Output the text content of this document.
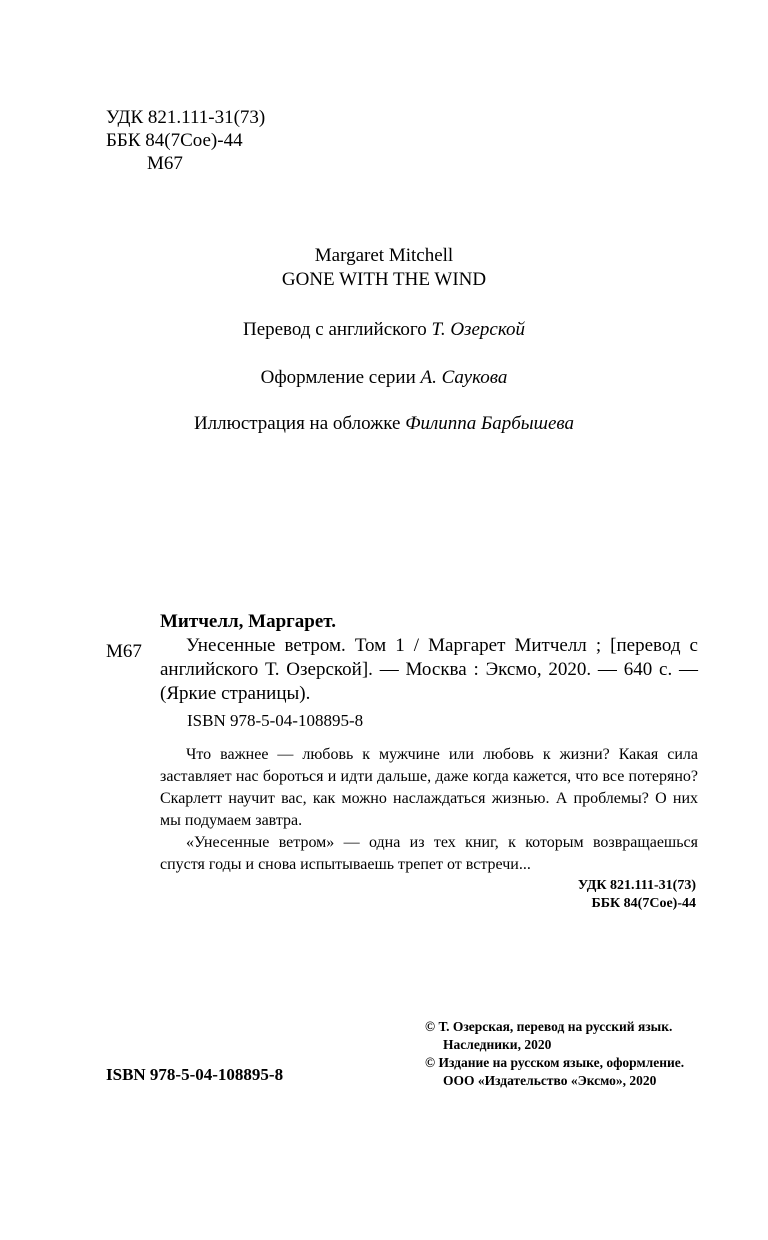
УДК 821.111-31(73)
ББК 84(7Сое)-44
М67
Margaret Mitchell
GONE WITH THE WIND
Перевод с английского Т. Озерской
Оформление серии А. Саукова
Иллюстрация на обложке Филиппа Барбышева
Митчелл, Маргарет.
М67	Унесенные ветром. Том 1 / Маргарет Митчелл ; [перевод с английского Т. Озерской]. — Москва : Эксмо, 2020. — 640 с. — (Яркие страницы).
ISBN 978-5-04-108895-8

Что важнее — любовь к мужчине или любовь к жизни? Какая сила заставляет нас бороться и идти дальше, даже когда кажется, что все потеряно? Скарлетт научит вас, как можно наслаждаться жизнью. А проблемы? О них мы подумаем завтра.

«Унесенные ветром» — одна из тех книг, к которым возвращаешься спустя годы и снова испытываешь трепет от встречи...

УДК 821.111-31(73)
ББК 84(7Сое)-44
© Т. Озерская, перевод на русский язык.
Наследники, 2020
© Издание на русском языке, оформление.
ООО «Издательство «Эксмо», 2020
ISBN 978-5-04-108895-8
